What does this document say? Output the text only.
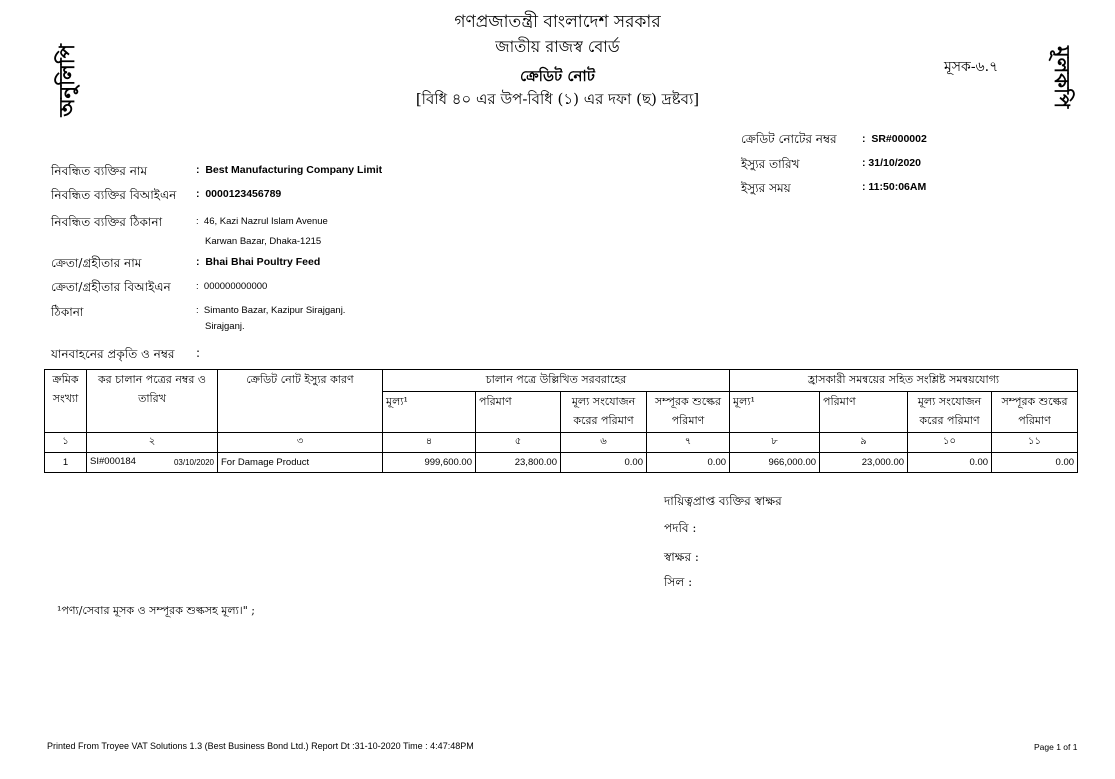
গণপ্রজাতন্ত্রী বাংলাদেশ সরকার
জাতীয় রাজস্ব বোর্ড
ক্রেডিট নোট
[বিধি ৪০ এর উপ-বিধি (১) এর দফা (ছ) দ্রষ্টব্য]
মূসক-৬.৭
অনুলিপি	মূলকপি
ক্রেডিট নোটের নম্বর :  SR#000002
ইস্যুর তারিখ	: 31/10/2020
ইস্যুর সময়	: 11:50:06AM
নিবন্ধিত ব্যক্তির নাম	:  Best Manufacturing Company Limit
নিবন্ধিত ব্যক্তির বিআইএন :  0000123456789
নিবন্ধিত ব্যক্তির ঠিকানা	:  46, Kazi Nazrul Islam Avenue
Karwan Bazar, Dhaka-1215
ক্রেতা/গ্রহীতার নাম	:  Bhai Bhai Poultry Feed
ক্রেতা/গ্রহীতার বিআইএন	:  000000000000
ঠিকানা	:  Simanto Bazar, Kazipur Sirajganj.
Sirajganj.
যানবাহনের প্রকৃতি ও নম্বর :
ক্রমিক সংখ্যা	কর চালান পত্রের নম্বর ও তারিখ	ক্রেডিট নোট ইস্যুর কারণ	চালান পত্রে উল্লিখিত সরবরাহের				হ্রাসকারী সমন্বয়ের সহিত সংশ্লিষ্ট সমন্বয়যোগ্য			
			মূল্য¹	পরিমাণ	মূল্য সংযোজন করের পরিমাণ	সম্পূরক শুল্কের পরিমাণ	মূল্য¹	পরিমাণ	মূল্য সংযোজন করের পরিমাণ	সম্পূরক শুল্কের পরিমাণ
১	২	৩	৪	৫	৬	৭	৮	৯	১০	১১
1	SI#000184 03/10/2020	For Damage Product	999,600.00	23,800.00	0.00	0.00	966,000.00	23,000.00	0.00	0.00
দায়িত্বপ্রাপ্ত ব্যক্তির স্বাক্ষর
পদবি :
স্বাক্ষর :
সিল :
¹পণ্য/সেবার মূসক ও সম্পূরক শুল্কসহ মূল্য।" ;
Printed From Troyee VAT Solutions 1.3 (Best Business Bond Ltd.) Report Dt :31-10-2020 Time : 4:47:48PM	Page 1 of 1
